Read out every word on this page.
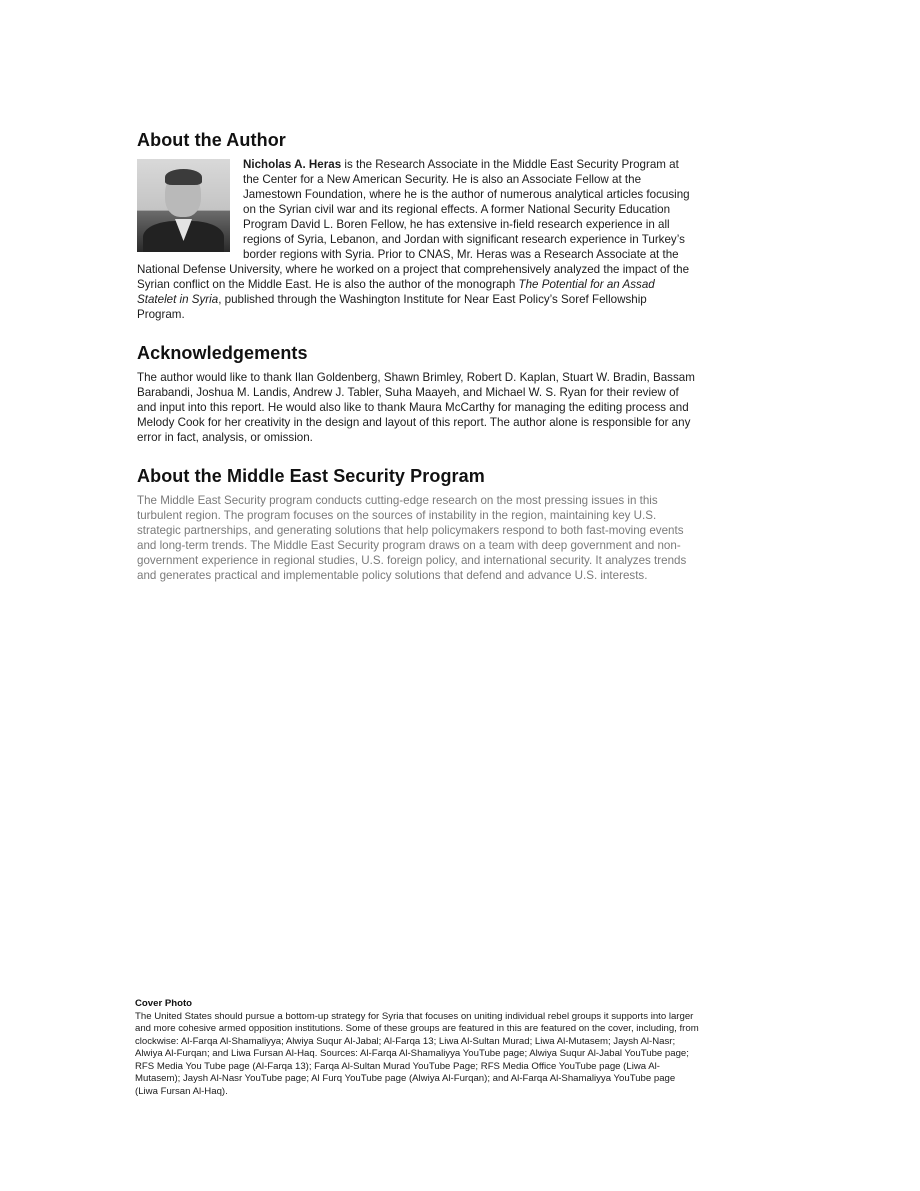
About the Author

Nicholas A. Heras is the Research Associate in the Middle East Security Program at the Center for a New American Security. He is also an Associate Fellow at the Jamestown Foundation, where he is the author of numerous analytical articles focusing on the Syrian civil war and its regional effects. A former National Security Education Program David L. Boren Fellow, he has extensive in-field research experience in all regions of Syria, Lebanon, and Jordan with significant research experience in Turkey’s border regions with Syria. Prior to CNAS, Mr. Heras was a Research Associate at the National Defense University, where he worked on a project that comprehensively analyzed the impact of the Syrian conflict on the Middle East. He is also the author of the monograph The Potential for an Assad Statelet in Syria, published through the Washington Institute for Near East Policy’s Soref Fellowship Program.

Acknowledgements

The author would like to thank Ilan Goldenberg, Shawn Brimley, Robert D. Kaplan, Stuart W. Bradin, Bassam Barabandi, Joshua M. Landis, Andrew J. Tabler, Suha Maayeh, and Michael W. S. Ryan for their review of and input into this report. He would also like to thank Maura McCarthy for managing the editing process and Melody Cook for her creativity in the design and layout of this report. The author alone is responsible for any error in fact, analysis, or omission.

About the Middle East Security Program

The Middle East Security program conducts cutting-edge research on the most pressing issues in this turbulent region. The program focuses on the sources of instability in the region, maintaining key U.S. strategic partnerships, and generating solutions that help policymakers respond to both fast-moving events and long-term trends. The Middle East Security program draws on a team with deep government and non-government experience in regional studies, U.S. foreign policy, and international security. It analyzes trends and generates practical and implementable policy solutions that defend and advance U.S. interests.

Cover Photo

The United States should pursue a bottom-up strategy for Syria that focuses on uniting individual rebel groups it supports into larger and more cohesive armed opposition institutions. Some of these groups are featured in this are featured on the cover, including, from clockwise: Al-Farqa Al-Shamaliyya; Alwiya Suqur Al-Jabal; Al-Farqa 13; Liwa Al-Sultan Murad; Liwa Al-Mutasem; Jaysh Al-Nasr; Alwiya Al-Furqan; and Liwa Fursan Al-Haq. Sources: Al-Farqa Al-Shamaliyya YouTube page; Alwiya Suqur Al-Jabal YouTube page; RFS Media You Tube page (Al-Farqa 13); Farqa Al-Sultan Murad YouTube Page; RFS Media Office YouTube page (Liwa Al-Mutasem); Jaysh Al-Nasr YouTube page; Al Furq YouTube page (Alwiya Al-Furqan); and Al-Farqa Al-Shamaliyya YouTube page (Liwa Fursan Al-Haq).
